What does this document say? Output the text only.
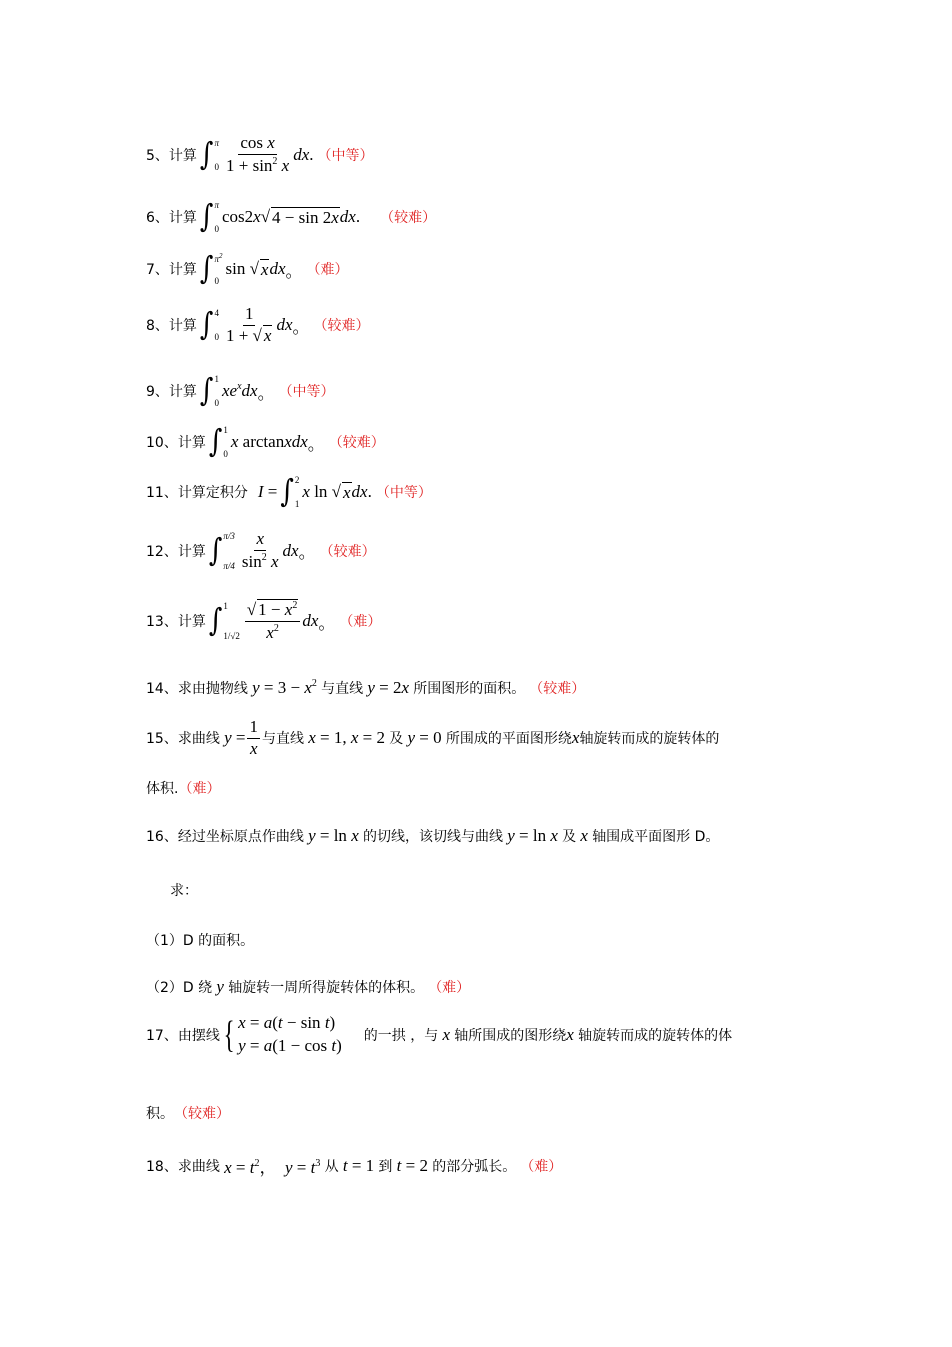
5、 计算 ∫ π
$0 \frac{\text{cos x}}{1 + \sin^2 x}$ dx . （中等）
6、 计算 ∫ π
0
cos2 x √ 4 − sin 2x dx . （较难）
7、 计算 ∫ $\pi^2$
0
sin √ x dx 。 （难）
8、 计算 ∫ 4
$0 \frac{1}{1 + √ x}$ dx 。 （较难）
9、 计算 ∫ 1
0
$xe^xdx$ 。 （中等）
10、 计算 ∫ 1
0
x arctan xdx 。 （较难）
11、 计算定积分 I = ∫ 2
1
x ln √ x dx . （中等）
12、 计算 ∫ π/3
$\pi/4 \frac{x}{\sin^2 x}$ dx 。 （较难）
13、 计算 ∫ 1
$1/√2 \frac{√ 1 - x^2}{x^2}$ dx 。 （难）
14、 求由抛物线 $y = 3 - x^2$ 与直线 y = 2x 所围图形的面积。 （较难）
15、 求曲线
$y = \frac{1}{x}$ 与直线 x = 1, x = 2 及 y = 0 所围成的平面图形绕 x 轴旋转而成的旋转体的
体积. （难）
16、 经过坐标原点作曲线 y = ln x 的切线，该切线与曲线 y = ln x 及 x 轴围成平面图形 D。
求：
（1）D 的面积。
（2）D 绕 y 轴旋转一周所得旋转体的体积。 （难）
17、 由摆线 { x = a(t − sin t)
y = a(1 − cos t) 的一拱 ，与 x 轴所围成的图形绕 x 轴旋转而成的旋转体的体
积。 （较难）
18、 求曲线 $x = t^2$，  $y = t^3$ 从 t = 1 到 t = 2 的部分弧长。 （难）
